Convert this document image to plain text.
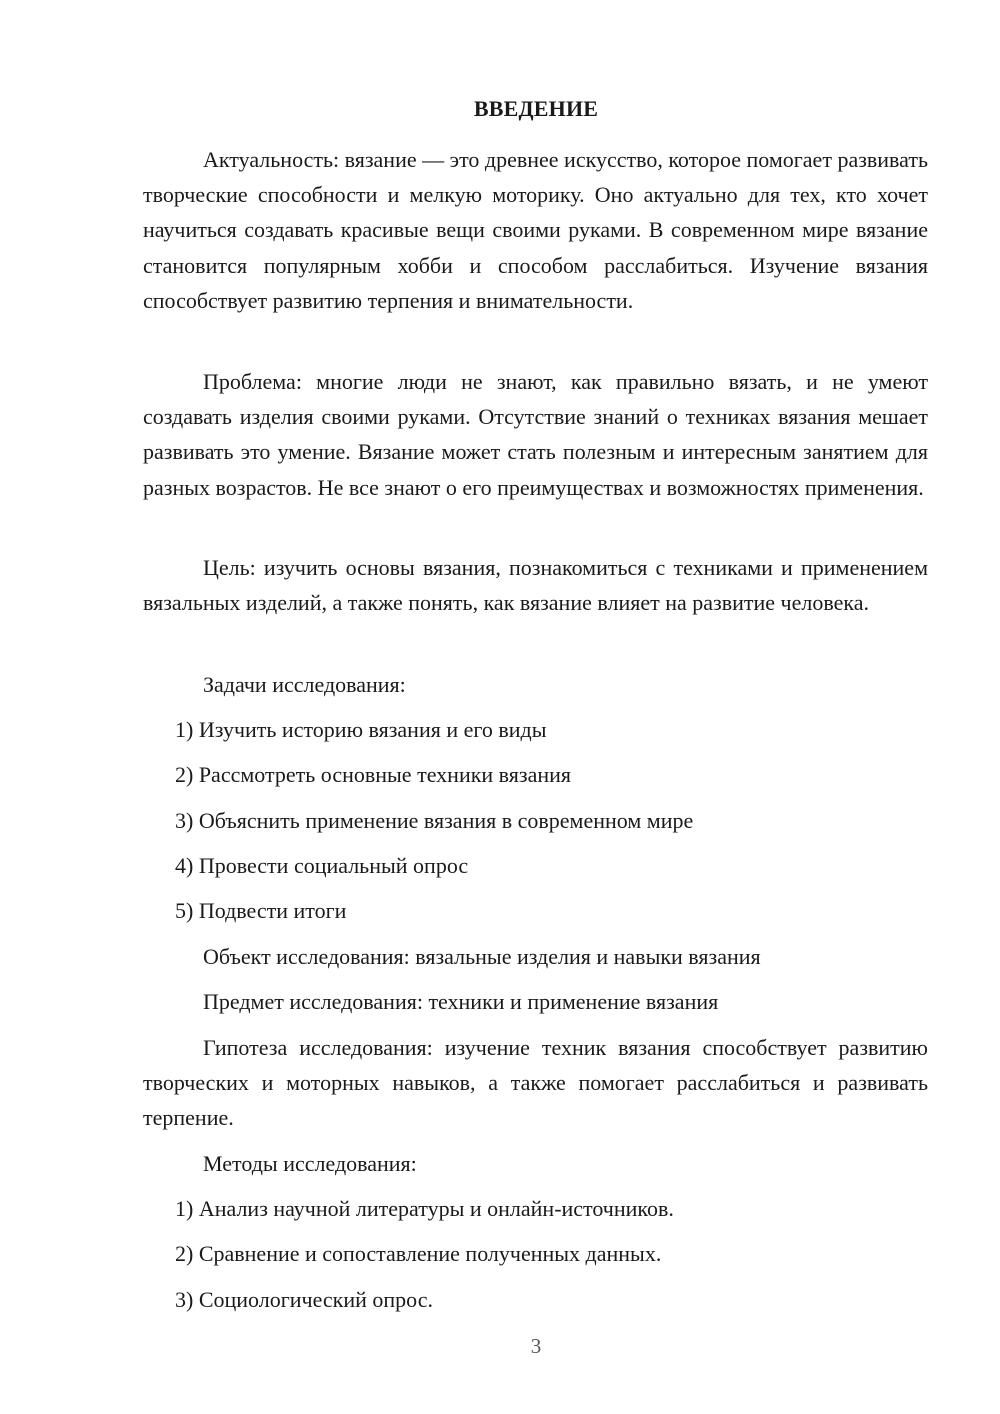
ВВЕДЕНИЕ

Актуальность: вязание — это древнее искусство, которое помогает развивать творческие способности и мелкую моторику. Оно актуально для тех, кто хочет научиться создавать красивые вещи своими руками. В современном мире вязание становится популярным хобби и способом расслабиться. Изучение вязания способствует развитию терпения и внимательности.

Проблема: многие люди не знают, как правильно вязать, и не умеют создавать изделия своими руками. Отсутствие знаний о техниках вязания мешает развивать это умение. Вязание может стать полезным и интересным занятием для разных возрастов. Не все знают о его преимуществах и возможностях применения.

Цель: изучить основы вязания, познакомиться с техниками и применением вязальных изделий, а также понять, как вязание влияет на развитие человека.

Задачи исследования:

1) Изучить историю вязания и его виды

2) Рассмотреть основные техники вязания

3) Объяснить применение вязания в современном мире

4) Провести социальный опрос

5) Подвести итоги

Объект исследования: вязальные изделия и навыки вязания

Предмет исследования: техники и применение вязания

Гипотеза исследования: изучение техник вязания способствует развитию творческих и моторных навыков, а также помогает расслабиться и развивать терпение.

Методы исследования:

1) Анализ научной литературы и онлайн-источников.

2) Сравнение и сопоставление полученных данных.

3) Социологический опрос.

3
